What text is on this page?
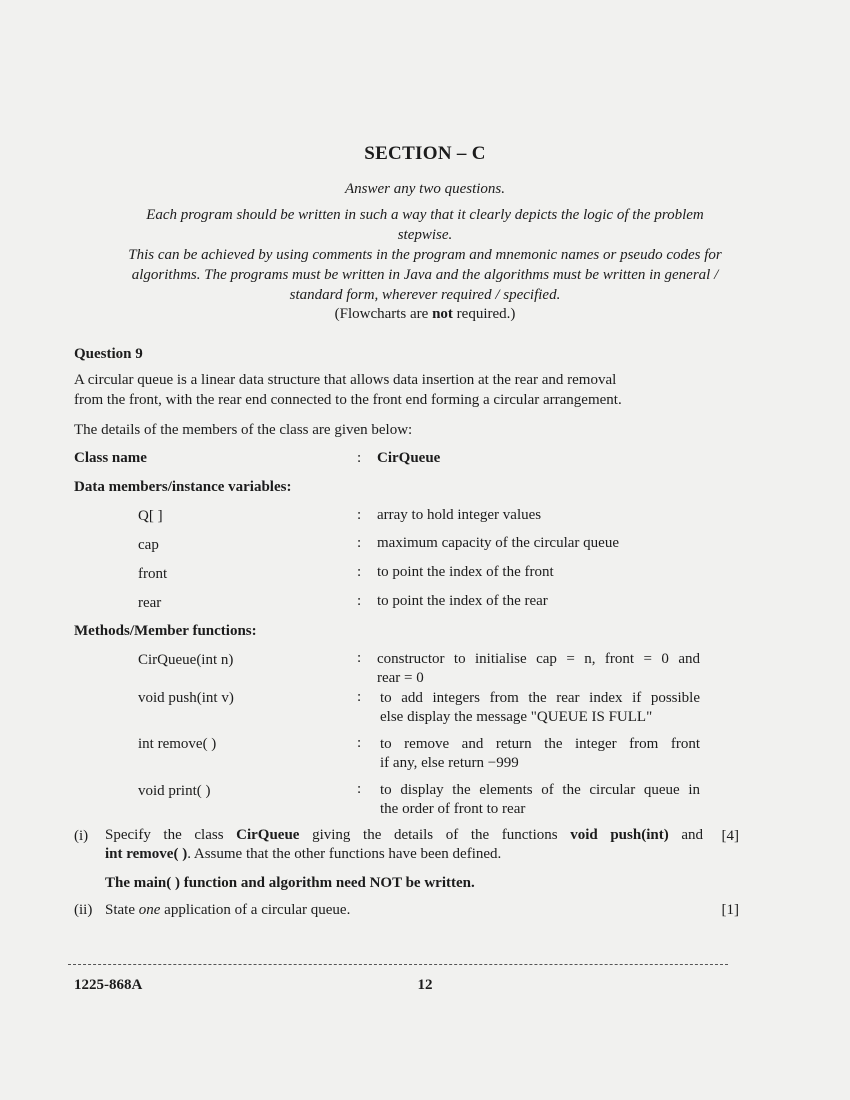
SECTION – C
Answer any two questions.
Each program should be written in such a way that it clearly depicts the logic of the problem
stepwise.
This can be achieved by using comments in the program and mnemonic names or pseudo codes for
algorithms. The programs must be written in Java and the algorithms must be written in general /
standard form, wherever required / specified.
(Flowcharts are not required.)
Question 9
A circular queue is a linear data structure that allows data insertion at the rear and removal
from the front, with the rear end connected to the front end forming a circular arrangement.
The details of the members of the class are given below:
Class name	: CirQueue
Data members/instance variables:
Q[ ]	: array to hold integer values
cap	: maximum capacity of the circular queue
front	: to point the index of the front
rear	: to point the index of the rear
Methods/Member functions:
CirQueue(int n)	: constructor to initialise cap = n, front = 0 and
rear = 0
void push(int v)	: to add integers from the rear index if possible
else display the message "QUEUE IS FULL"
int remove( )	: to remove and return the integer from front
if any, else return −999
void print( )	: to display the elements of the circular queue in
the order of front to rear
(i) Specify the class CirQueue giving the details of the functions void push(int) and
int remove( ). Assume that the other functions have been defined.
[4]
The main( ) function and algorithm need NOT be written.
(ii) State one application of a circular queue.	[1]
1225-868A	12
